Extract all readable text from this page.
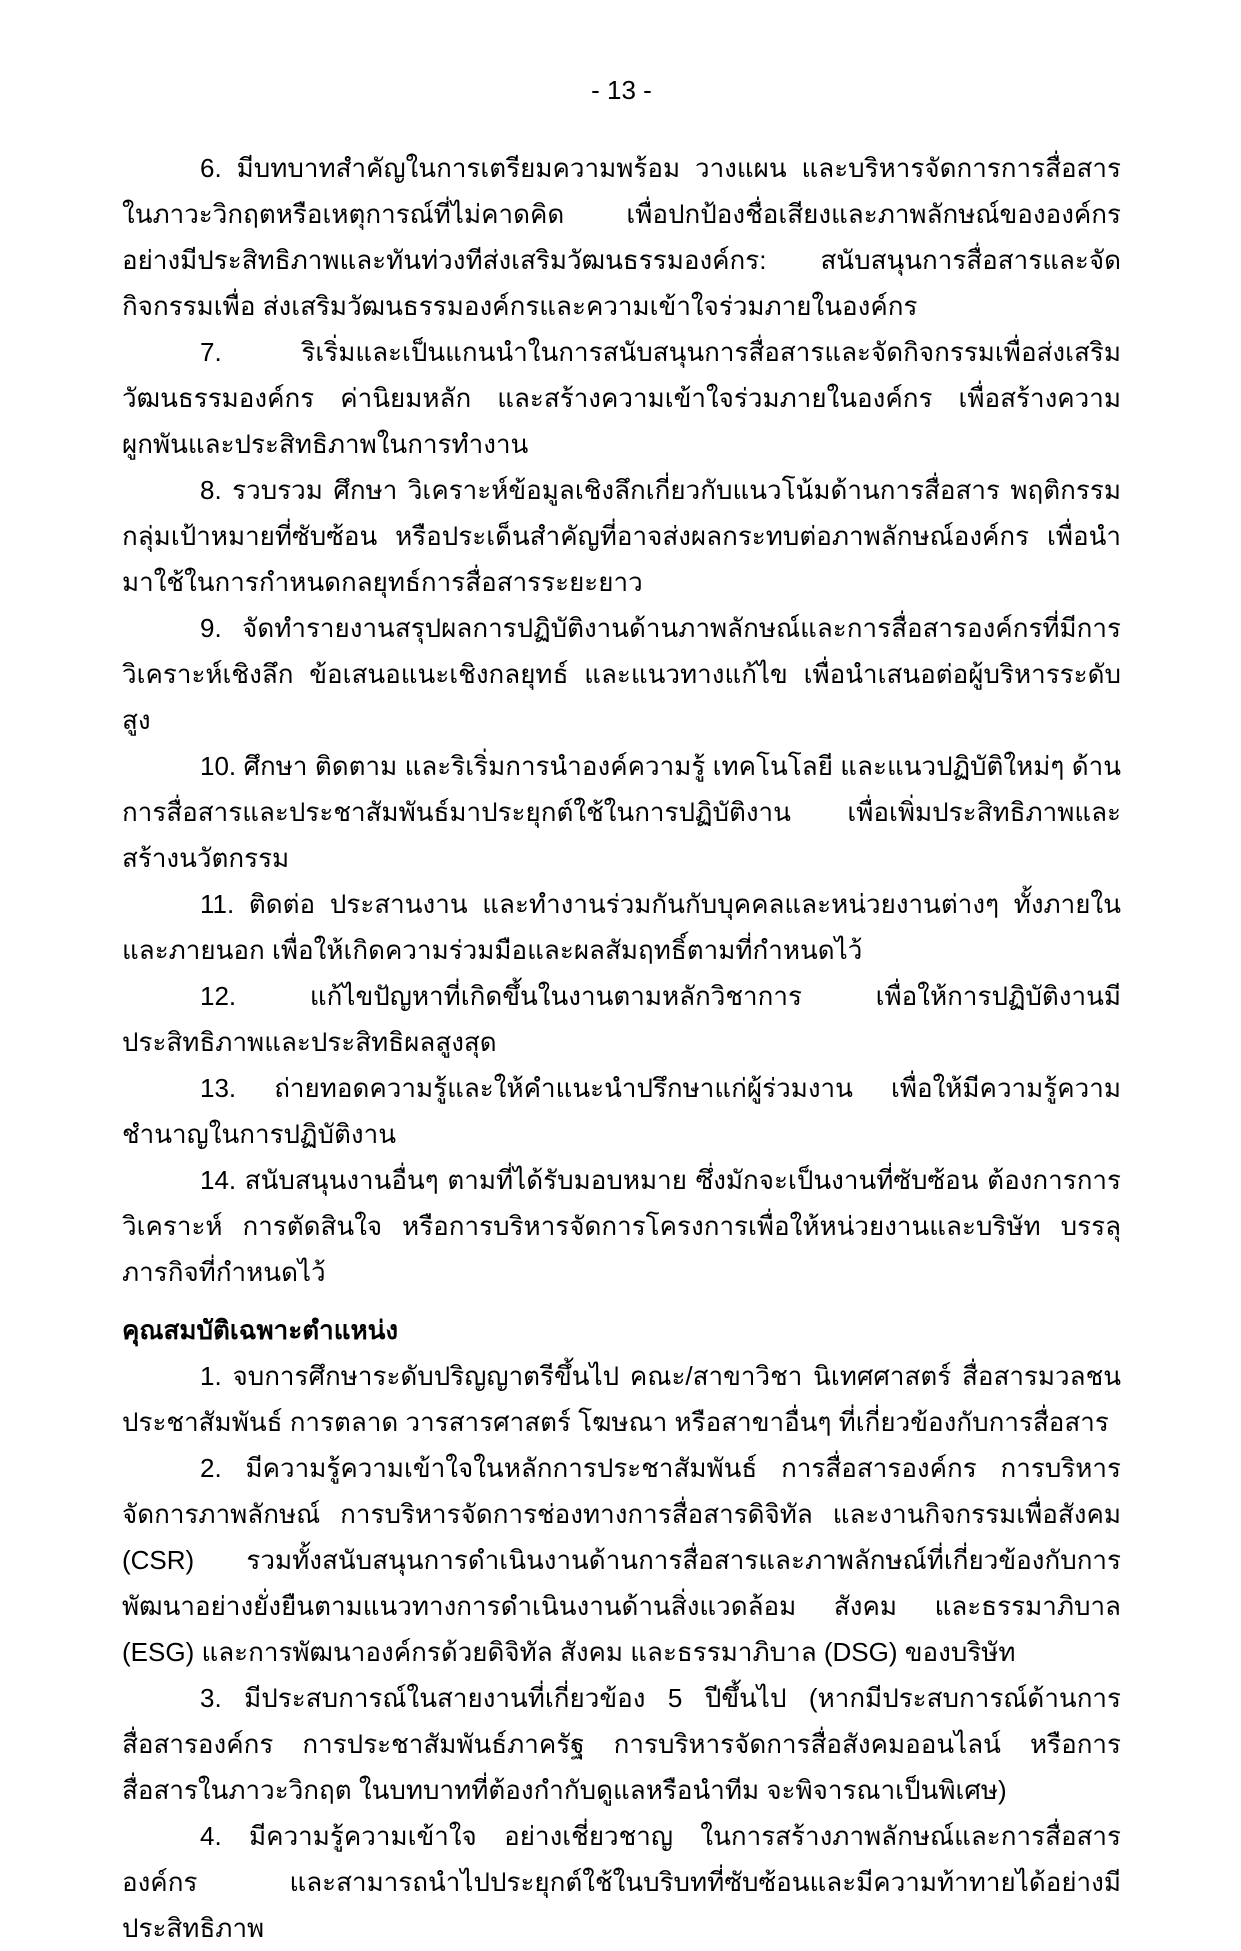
- 13 -

6. มีบทบาทสำคัญในการเตรียมความพร้อม วางแผน และบริหารจัดการการสื่อสารในภาวะวิกฤตหรือเหตุการณ์ที่ไม่คาดคิด เพื่อปกป้องชื่อเสียงและภาพลักษณ์ขององค์กรอย่างมีประสิทธิภาพและทันท่วงทีส่งเสริมวัฒนธรรมองค์กร: สนับสนุนการสื่อสารและจัดกิจกรรมเพื่อ ส่งเสริมวัฒนธรรมองค์กรและความเข้าใจร่วมภายในองค์กร

7. ริเริ่มและเป็นแกนนำในการสนับสนุนการสื่อสารและจัดกิจกรรมเพื่อส่งเสริมวัฒนธรรมองค์กร ค่านิยมหลัก และสร้างความเข้าใจร่วมภายในองค์กร เพื่อสร้างความผูกพันและประสิทธิภาพในการทำงาน

8. รวบรวม ศึกษา วิเคราะห์ข้อมูลเชิงลึกเกี่ยวกับแนวโน้มด้านการสื่อสาร พฤติกรรมกลุ่มเป้าหมายที่ซับซ้อน หรือประเด็นสำคัญที่อาจส่งผลกระทบต่อภาพลักษณ์องค์กร เพื่อนำมาใช้ในการกำหนดกลยุทธ์การสื่อสารระยะยาว

9. จัดทำรายงานสรุปผลการปฏิบัติงานด้านภาพลักษณ์และการสื่อสารองค์กรที่มีการวิเคราะห์เชิงลึก ข้อเสนอแนะเชิงกลยุทธ์ และแนวทางแก้ไข เพื่อนำเสนอต่อผู้บริหารระดับสูง

10. ศึกษา ติดตาม และริเริ่มการนำองค์ความรู้ เทคโนโลยี และแนวปฏิบัติใหม่ๆ ด้านการสื่อสารและประชาสัมพันธ์มาประยุกต์ใช้ในการปฏิบัติงาน เพื่อเพิ่มประสิทธิภาพและสร้างนวัตกรรม

11. ติดต่อ ประสานงาน และทำงานร่วมกันกับบุคคลและหน่วยงานต่างๆ ทั้งภายในและภายนอก เพื่อให้เกิดความร่วมมือและผลสัมฤทธิ์ตามที่กำหนดไว้

12. แก้ไขปัญหาที่เกิดขึ้นในงานตามหลักวิชาการ เพื่อให้การปฏิบัติงานมีประสิทธิภาพและประสิทธิผลสูงสุด

13. ถ่ายทอดความรู้และให้คำแนะนำปรึกษาแก่ผู้ร่วมงาน เพื่อให้มีความรู้ความชำนาญในการปฏิบัติงาน

14. สนับสนุนงานอื่นๆ ตามที่ได้รับมอบหมาย ซึ่งมักจะเป็นงานที่ซับซ้อน ต้องการการวิเคราะห์ การตัดสินใจ หรือการบริหารจัดการโครงการเพื่อให้หน่วยงานและบริษัท บรรลุภารกิจที่กำหนดไว้

คุณสมบัติเฉพาะตำแหน่ง

1. จบการศึกษาระดับปริญญาตรีขึ้นไป คณะ/สาขาวิชา นิเทศศาสตร์ สื่อสารมวลชน ประชาสัมพันธ์ การตลาด วารสารศาสตร์ โฆษณา หรือสาขาอื่นๆ ที่เกี่ยวข้องกับการสื่อสาร

2. มีความรู้ความเข้าใจในหลักการประชาสัมพันธ์ การสื่อสารองค์กร การบริหารจัดการภาพลักษณ์ การบริหารจัดการช่องทางการสื่อสารดิจิทัล และงานกิจกรรมเพื่อสังคม (CSR) รวมทั้งสนับสนุนการดำเนินงานด้านการสื่อสารและภาพลักษณ์ที่เกี่ยวข้องกับการพัฒนาอย่างยั่งยืนตามแนวทางการดำเนินงานด้านสิ่งแวดล้อม สังคม และธรรมาภิบาล (ESG) และการพัฒนาองค์กรด้วยดิจิทัล สังคม และธรรมาภิบาล (DSG) ของบริษัท

3. มีประสบการณ์ในสายงานที่เกี่ยวข้อง 5 ปีขึ้นไป (หากมีประสบการณ์ด้านการสื่อสารองค์กร การประชาสัมพันธ์ภาครัฐ การบริหารจัดการสื่อสังคมออนไลน์ หรือการสื่อสารในภาวะวิกฤต ในบทบาทที่ต้องกำกับดูแลหรือนำทีม จะพิจารณาเป็นพิเศษ)

4. มีความรู้ความเข้าใจ อย่างเชี่ยวชาญ ในการสร้างภาพลักษณ์และการสื่อสารองค์กร และสามารถนำไปประยุกต์ใช้ในบริบทที่ซับซ้อนและมีความท้าทายได้อย่างมีประสิทธิภาพ
